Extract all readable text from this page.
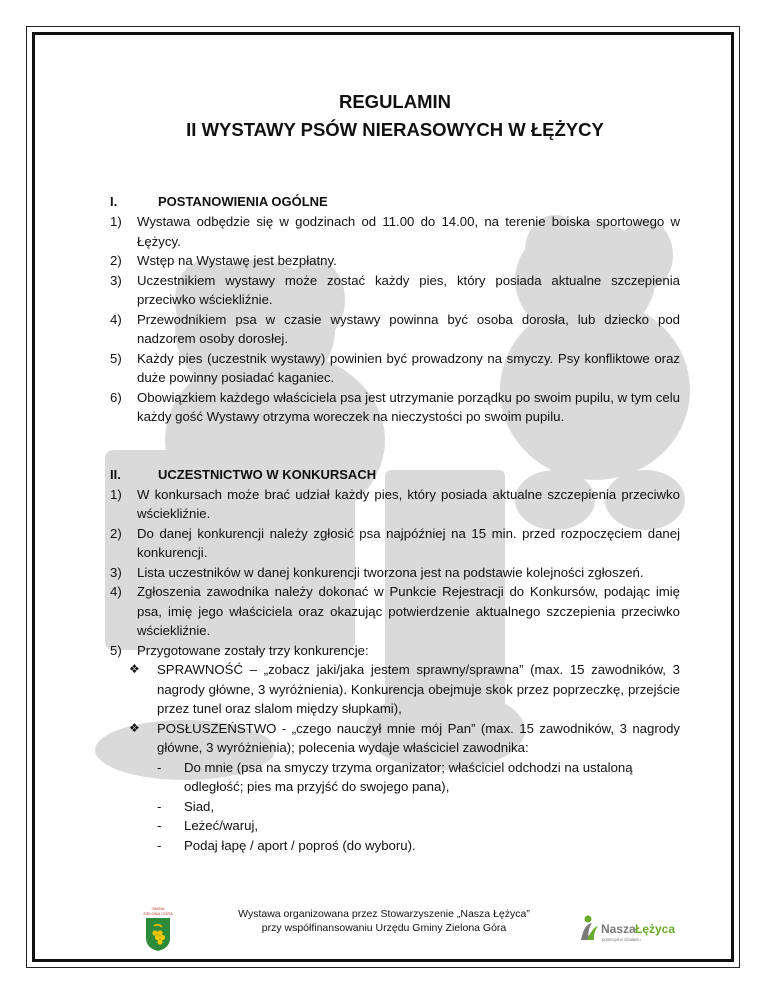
REGULAMIN

II WYSTAWY PSÓW NIERASOWYCH W ŁĘŻYCY

I.	POSTANOWIENIA OGÓLNE
1)	Wystawa odbędzie się w godzinach od 11.00 do 14.00, na terenie boiska sportowego w Łężycy.
2)	Wstęp na Wystawę jest bezpłatny.
3)	Uczestnikiem wystawy może zostać każdy pies, który posiada aktualne szczepienia przeciwko wściekliźnie.
4)	Przewodnikiem psa w czasie wystawy powinna być osoba dorosła, lub dziecko pod nadzorem osoby dorosłej.
5)	Każdy pies (uczestnik wystawy) powinien być prowadzony na smyczy. Psy konfliktowe oraz duże powinny posiadać kaganiec.
6)	Obowiązkiem każdego właściciela psa jest utrzymanie porządku po swoim pupilu, w tym celu każdy gość Wystawy otrzyma woreczek na nieczystości po swoim pupilu.
II.	UCZESTNICTWO W KONKURSACH
1)	W konkursach może brać udział każdy pies, który posiada aktualne szczepienia przeciwko wściekliźnie.
2)	Do danej konkurencji należy zgłosić psa najpóźniej na 15 min. przed rozpoczęciem danej konkurencji.
3)	Lista uczestników w danej konkurencji tworzona jest na podstawie kolejności zgłoszeń.
4)	Zgłoszenia zawodnika należy dokonać w Punkcie Rejestracji do Konkursów, podając imię psa, imię jego właściciela oraz okazując potwierdzenie aktualnego szczepienia przeciwko wściekliźnie.
5)	Przygotowane zostały trzy konkurencje:
❖	SPRAWNOŚĆ – „zobacz jaki/jaka jestem sprawny/sprawna” (max. 15 zawodników, 3 nagrody główne, 3 wyróżnienia). Konkurencja obejmuje skok przez poprzeczkę, przejście przez tunel oraz slalom między słupkami),
❖	POSŁUSZEŃSTWO - „czego nauczył mnie mój Pan” (max. 15 zawodników, 3 nagrody główne, 3 wyróżnienia); polecenia wydaje właściciel zawodnika:
-	Do mnie (psa na smyczy trzyma organizator; właściciel odchodzi na ustaloną odległość; pies ma przyjść do swojego pana),
-	Siad,
-	Leżeć/waruj,
-	Podaj łapę / aport / poproś (do wyboru).
GMINA
ZIELONA GÓRA	Wystawa organizowana przez Stowarzyszenie „Nasza Łężyca”
przy współfinansowaniu Urzędu Gminy Zielona Góra	Nasza Łężyca
potencjał w działaniu
